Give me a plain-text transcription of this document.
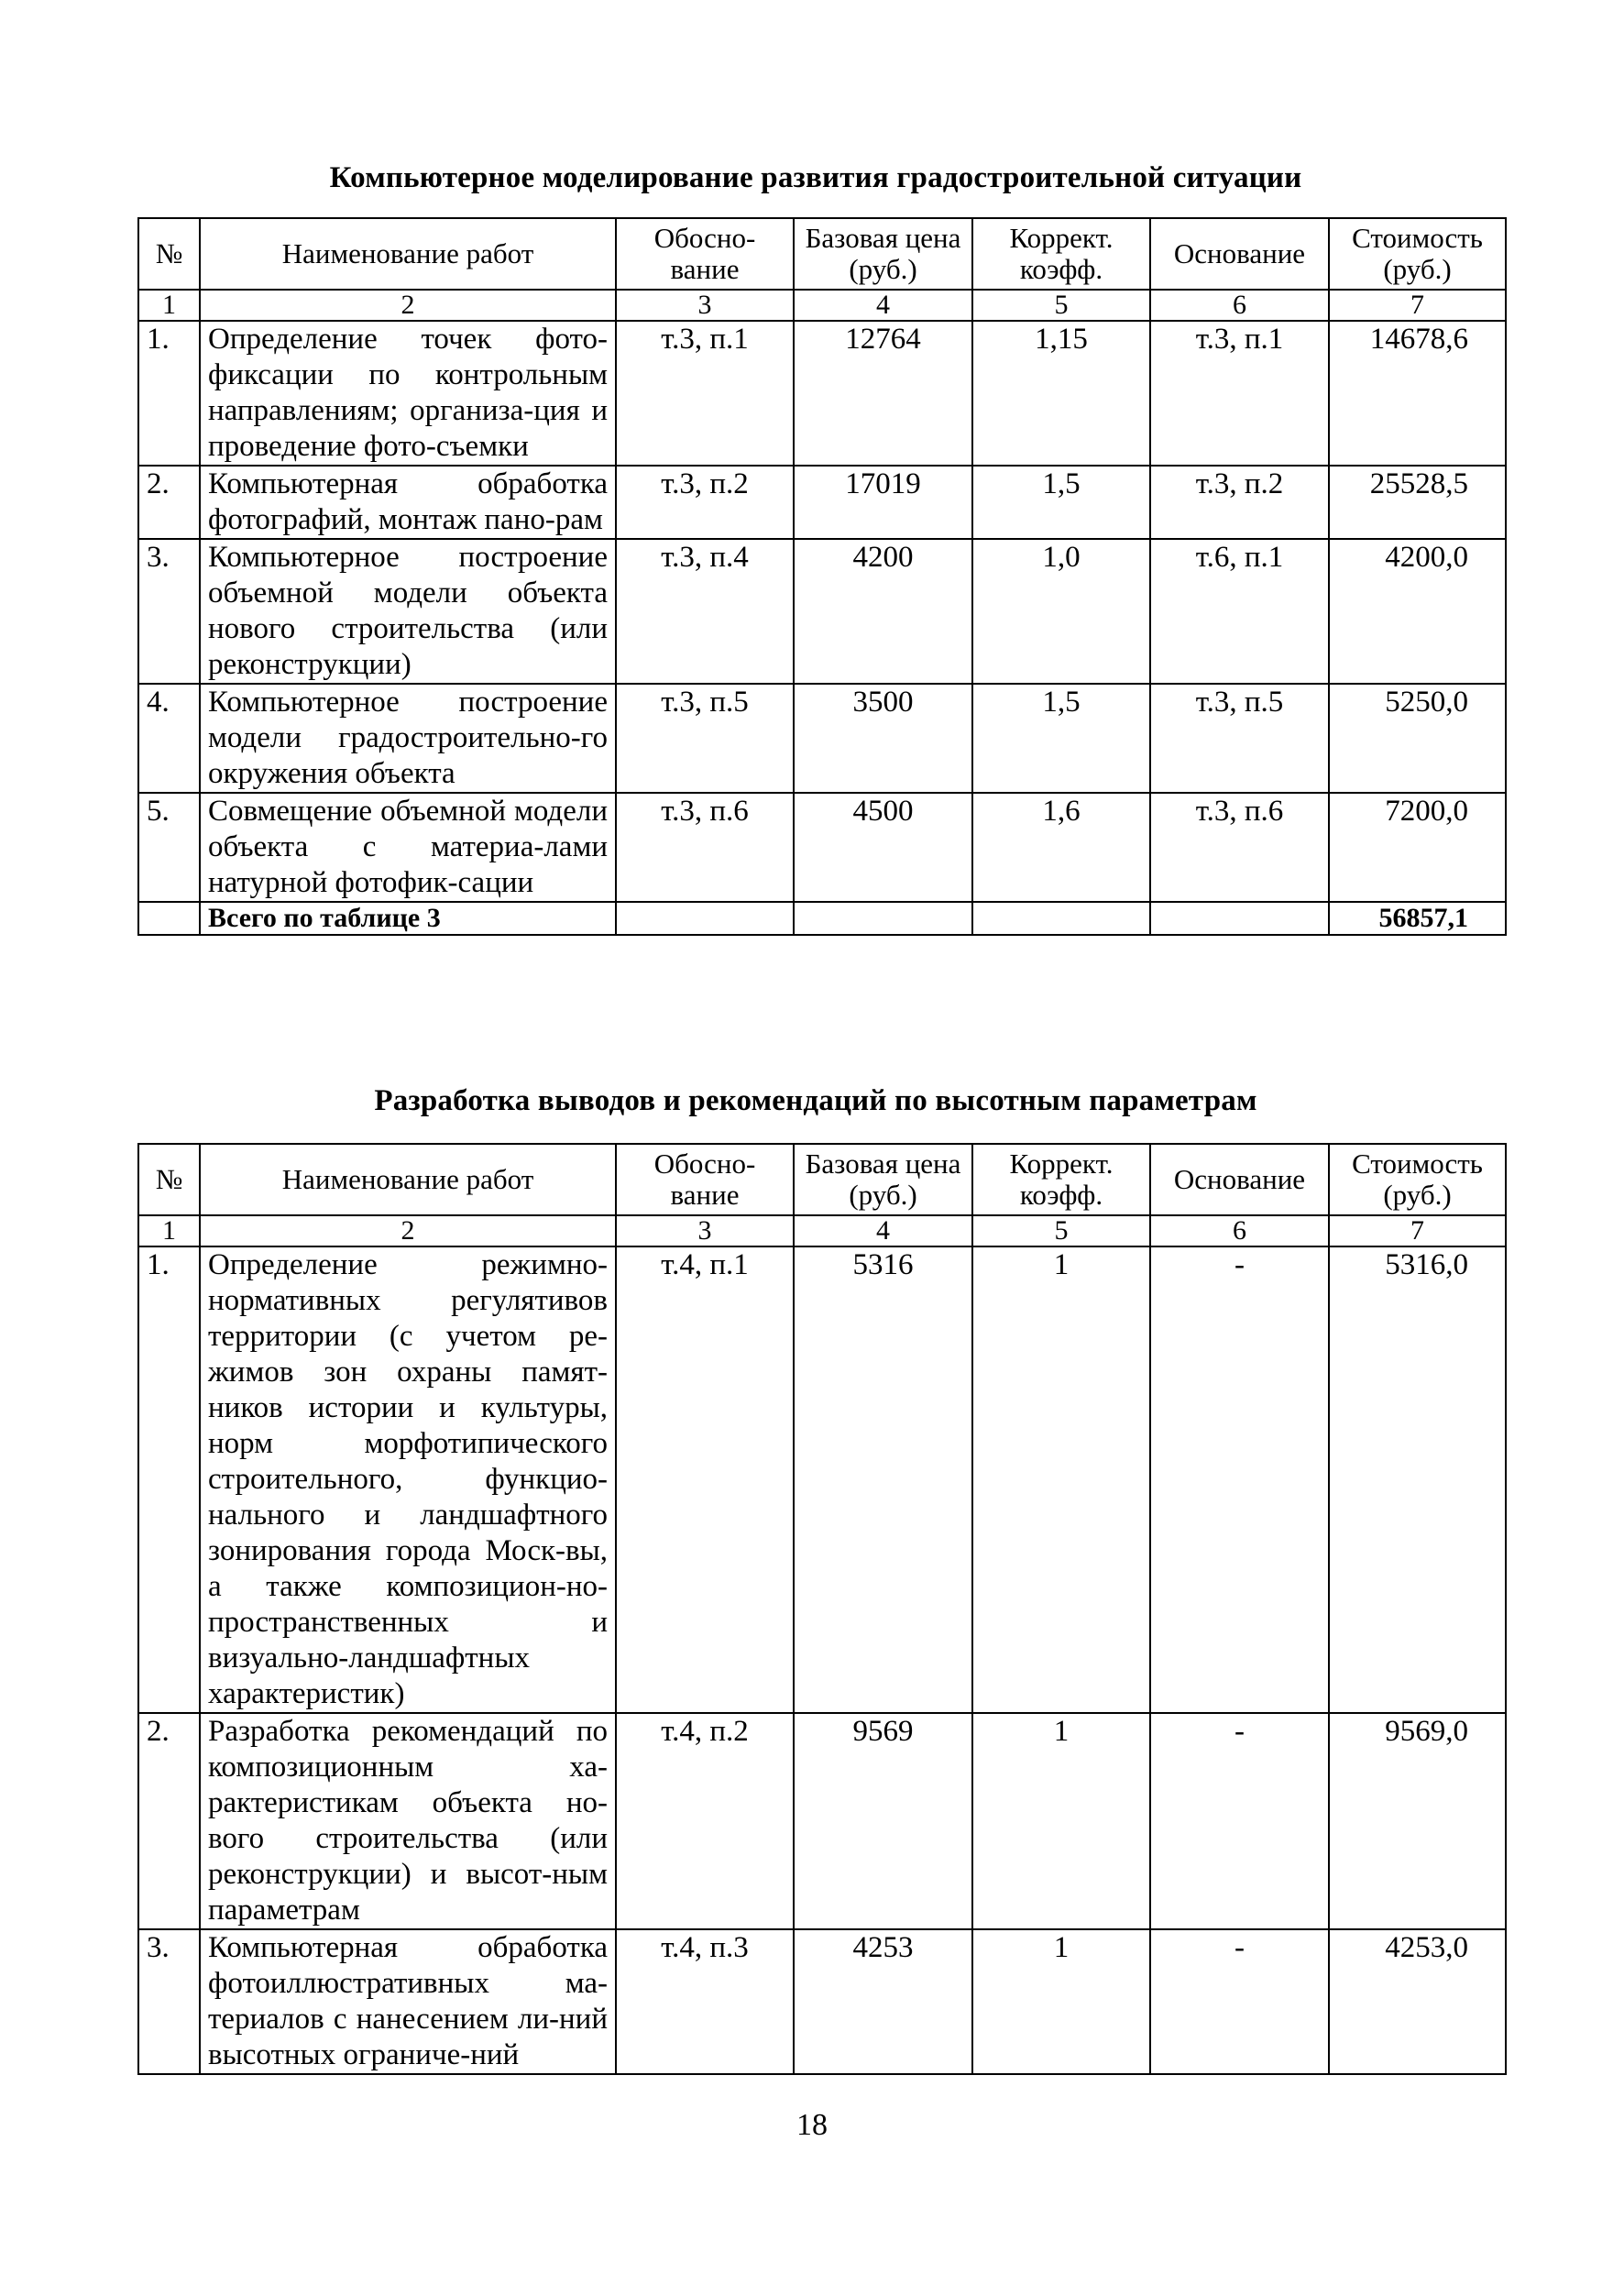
Компьютерное моделирование развития градостроительной ситуации
№	Наименование работ	Обосно-вание	Базовая цена (руб.)	Коррект. коэфф.	Основание	Стоимость (руб.)
1	2	3	4	5	6	7
1.	Определение точек фото-фиксации по контрольным направлениям; организа-ция и проведение фото-съемки	т.3, п.1	12764	1,15	т.3, п.1	14678,6
2.	Компьютерная обработка фотографий, монтаж пано-рам	т.3, п.2	17019	1,5	т.3, п.2	25528,5
3.	Компьютерное построение объемной модели объекта нового строительства (или реконструкции)	т.3, п.4	4200	1,0	т.6, п.1	4200,0
4.	Компьютерное построение модели градостроительно-го окружения объекта	т.3, п.5	3500	1,5	т.3, п.5	5250,0
5.	Совмещение объемной модели объекта с материа-лами натурной фотофик-сации	т.3, п.6	4500	1,6	т.3, п.6	7200,0
	Всего по таблице 3					56857,1
Разработка выводов и рекомендаций по высотным параметрам
№	Наименование работ	Обосно-вание	Базовая цена (руб.)	Коррект. коэфф.	Основание	Стоимость (руб.)
1	2	3	4	5	6	7
1.	Определение режимно-нормативных регулятивов территории (с учетом ре-жимов зон охраны памят-ников истории и культуры, норм морфотипического строительного, функцио-нального и ландшафтного зонирования города Моск-вы, а также композицион-но-пространственных и визуально-ландшафтных характеристик)	т.4, п.1	5316	1	-	5316,0
2.	Разработка рекомендаций по композиционным ха-рактеристикам объекта но-вого строительства (или реконструкции) и высот-ным параметрам	т.4, п.2	9569	1	-	9569,0
3.	Компьютерная обработка фотоиллюстративных ма-териалов с нанесением ли-ний высотных ограниче-ний	т.4, п.3	4253	1	-	4253,0
18
